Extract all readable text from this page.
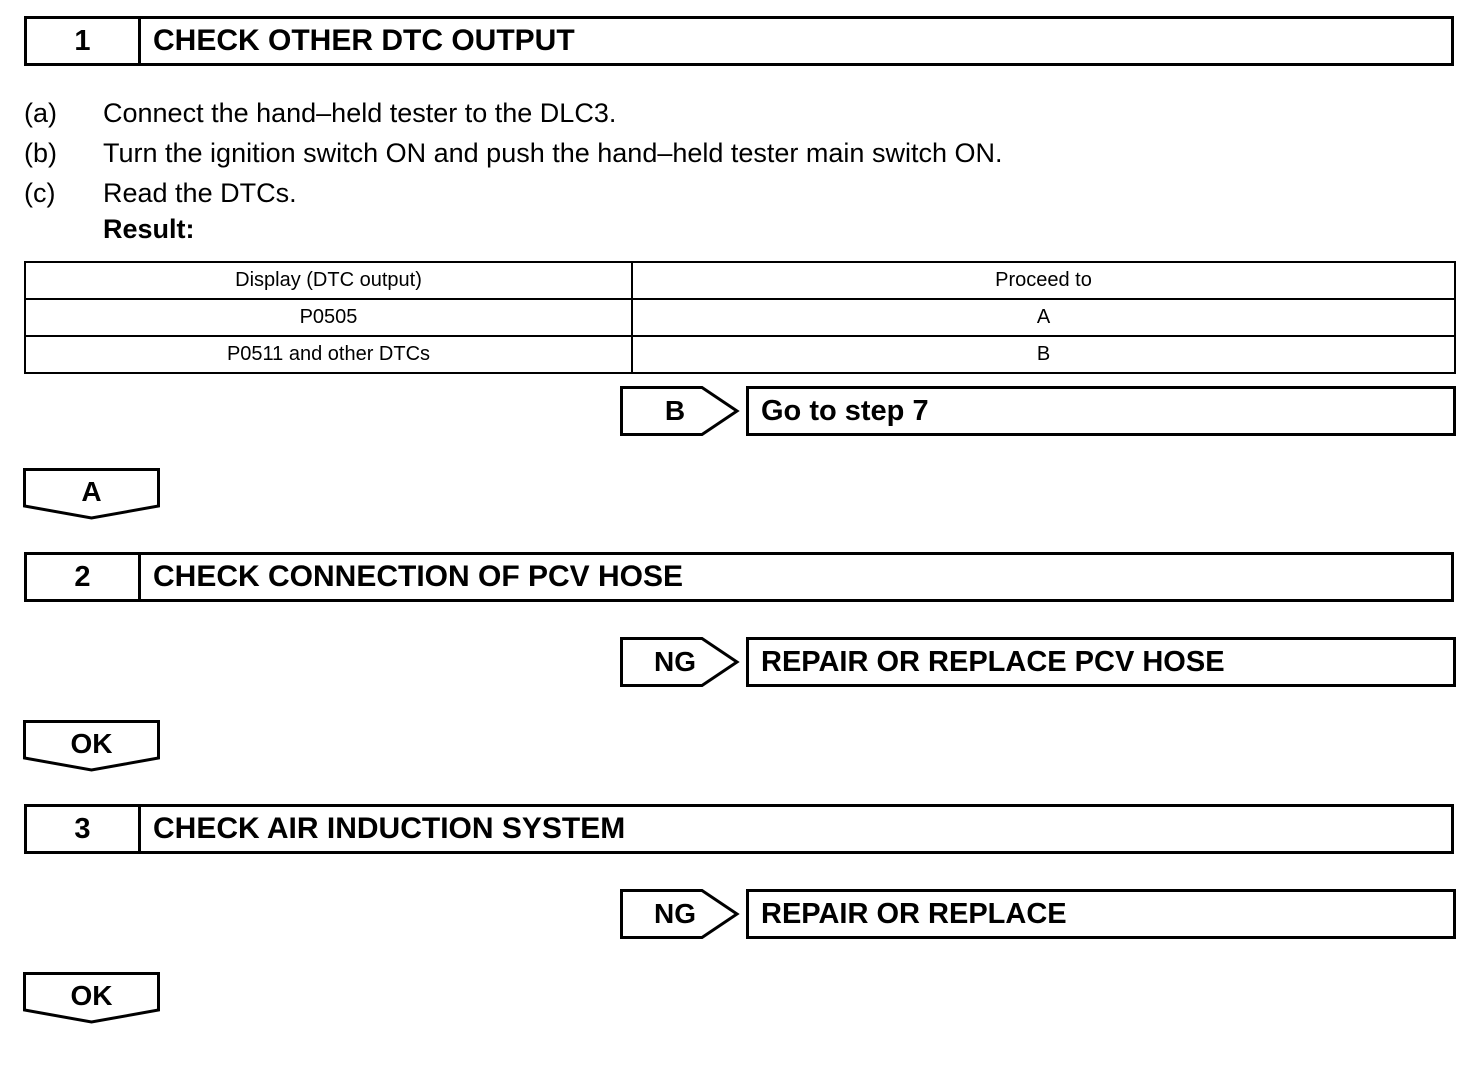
1	CHECK OTHER DTC OUTPUT
(a)	Connect the hand–held tester to the DLC3.
(b)	Turn the ignition switch ON and push the hand–held tester main switch ON.
(c)	Read the DTCs.
Result:
Display (DTC output)	Proceed to
P0505	A
P0511 and other DTCs	B
B	Go to step 7
A
2	CHECK CONNECTION OF PCV HOSE
NG	REPAIR OR REPLACE PCV HOSE
OK
3	CHECK AIR INDUCTION SYSTEM
NG	REPAIR OR REPLACE
OK
